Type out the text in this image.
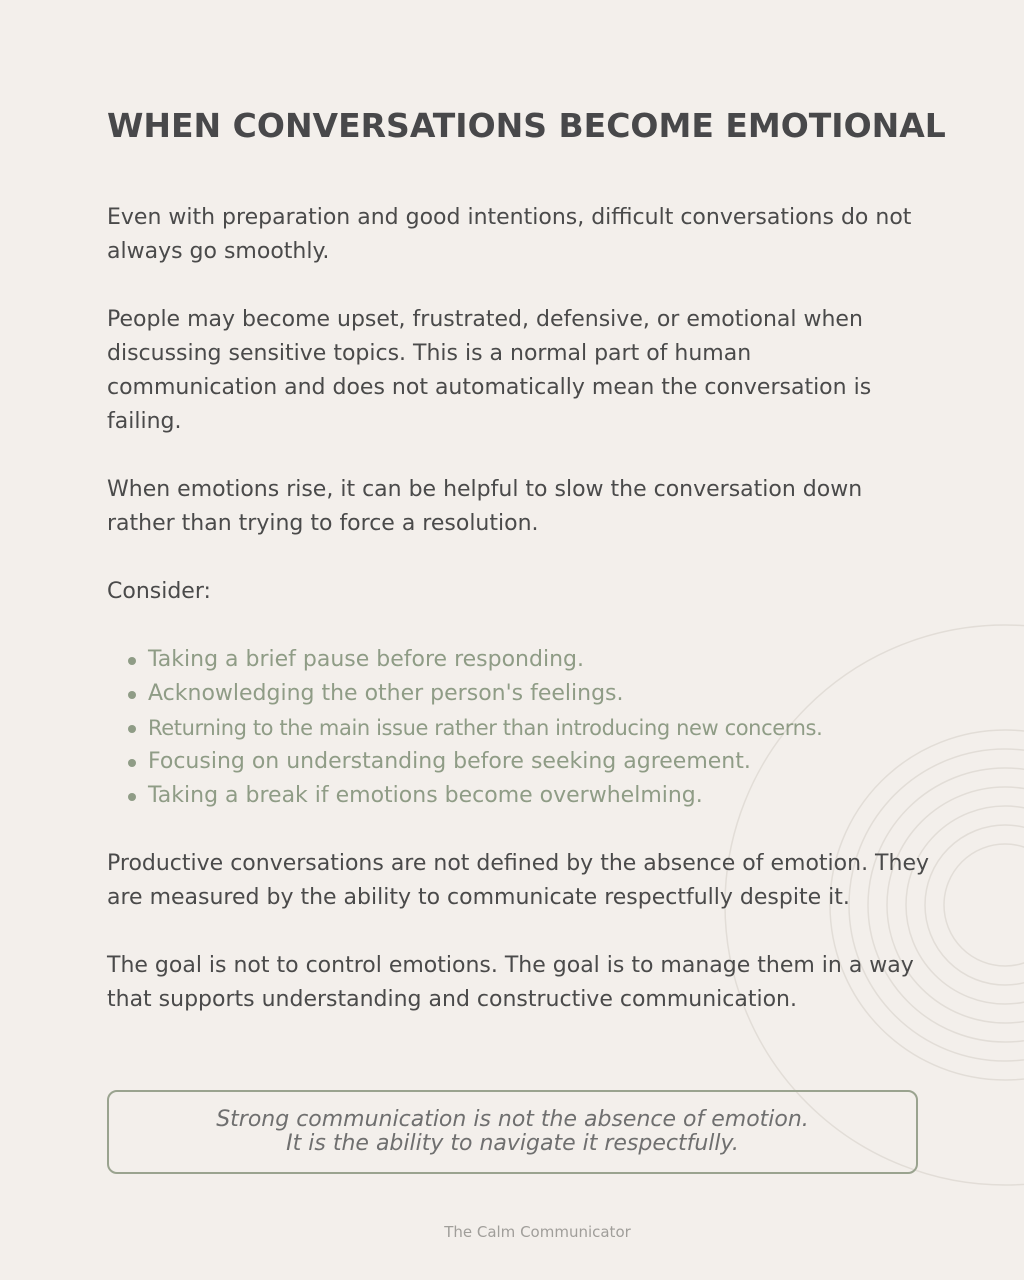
WHEN CONVERSATIONS BECOME EMOTIONAL

Even with preparation and good intentions, difficult conversations do not always go smoothly.

People may become upset, frustrated, defensive, or emotional when discussing sensitive topics. This is a normal part of human communication and does not automatically mean the conversation is failing.

When emotions rise, it can be helpful to slow the conversation down rather than trying to force a resolution.

Consider:

Taking a brief pause before responding.
Acknowledging the other person's feelings.
Returning to the main issue rather than introducing new concerns.
Focusing on understanding before seeking agreement.
Taking a break if emotions become overwhelming.

Productive conversations are not defined by the absence of emotion. They are measured by the ability to communicate respectfully despite it.

The goal is not to control emotions. The goal is to manage them in a way that supports understanding and constructive communication.

Strong communication is not the absence of emotion.
It is the ability to navigate it respectfully.
The Calm Communicator
